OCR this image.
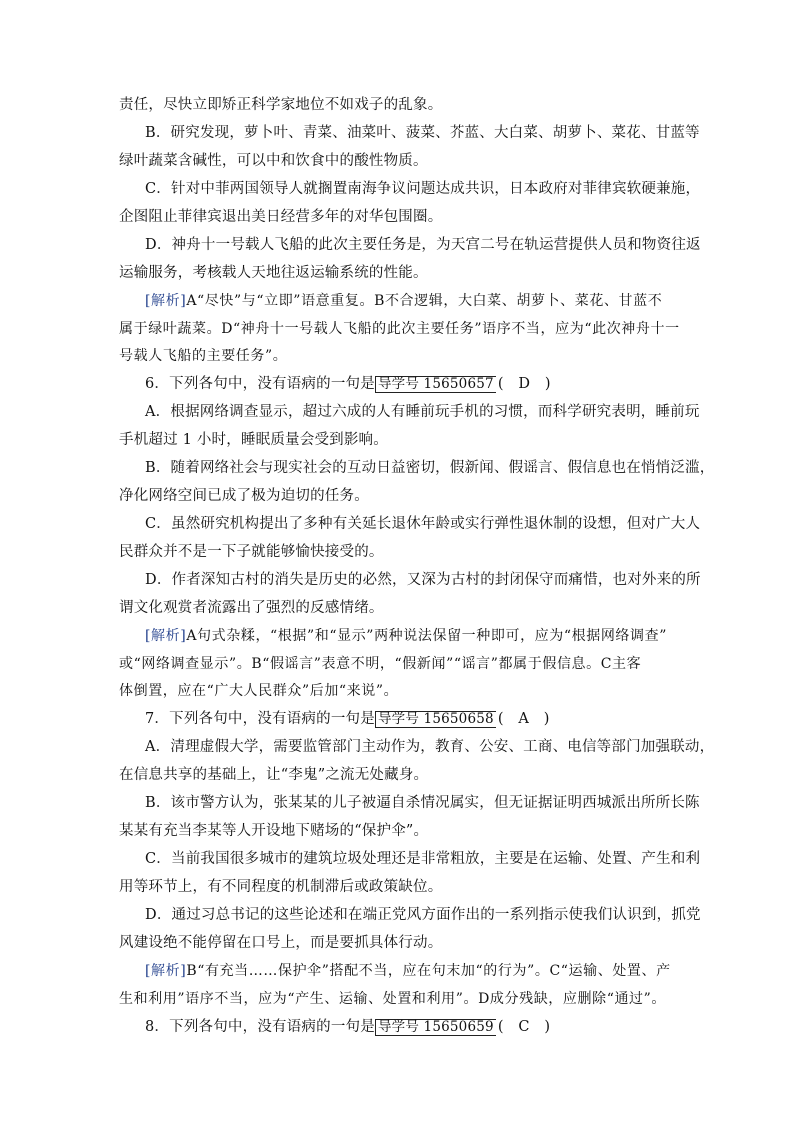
责任，尽快立即矫正科学家地位不如戏子的乱象。
B．研究发现，萝卜叶、青菜、油菜叶、菠菜、芥蓝、大白菜、胡萝卜、菜花、甘蓝等
绿叶蔬菜含碱性，可以中和饮食中的酸性物质。
C．针对中菲两国领导人就搁置南海争议问题达成共识，日本政府对菲律宾软硬兼施，
企图阻止菲律宾退出美日经营多年的对华包围圈。
D．神舟十一号载人飞船的此次主要任务是，为天宫二号在轨运营提供人员和物资往返
运输服务，考核载人天地往返运输系统的性能。
[解析]A“尽快”与“立即”语意重复。B不合逻辑，大白菜、胡萝卜、菜花、甘蓝不
属于绿叶蔬菜。D“神舟十一号载人飞船的此次主要任务”语序不当，应为“此次神舟十一
号载人飞船的主要任务”。
6．下列各句中，没有语病的一句是 导学号 15650657 (　D　)
A．根据网络调查显示，超过六成的人有睡前玩手机的习惯，而科学研究表明，睡前玩
手机超过 1 小时，睡眠质量会受到影响。
B．随着网络社会与现实社会的互动日益密切，假新闻、假谣言、假信息也在悄悄泛滥，
净化网络空间已成了极为迫切的任务。
C．虽然研究机构提出了多种有关延长退休年龄或实行弹性退休制的设想，但对广大人
民群众并不是一下子就能够愉快接受的。
D．作者深知古村的消失是历史的必然，又深为古村的封闭保守而痛惜，也对外来的所
谓文化观赏者流露出了强烈的反感情绪。
[解析]A句式杂糅，“根据”和“显示”两种说法保留一种即可，应为“根据网络调查”
或“网络调查显示”。B“假谣言”表意不明，“假新闻”“谣言”都属于假信息。C主客
体倒置，应在“广大人民群众”后加“来说”。
7．下列各句中，没有语病的一句是 导学号 15650658 (　A　)
A．清理虚假大学，需要监管部门主动作为，教育、公安、工商、电信等部门加强联动，
在信息共享的基础上，让“李鬼”之流无处藏身。
B．该市警方认为，张某某的儿子被逼自杀情况属实，但无证据证明西城派出所所长陈
某某有充当李某等人开设地下赌场的“保护伞”。
C．当前我国很多城市的建筑垃圾处理还是非常粗放，主要是在运输、处置、产生和利
用等环节上，有不同程度的机制滞后或政策缺位。
D．通过习总书记的这些论述和在端正党风方面作出的一系列指示使我们认识到，抓党
风建设绝不能停留在口号上，而是要抓具体行动。
[解析]B“有充当……保护伞”搭配不当，应在句末加“的行为”。C“运输、处置、产
生和利用”语序不当，应为“产生、运输、处置和利用”。D成分残缺，应删除“通过”。
8．下列各句中，没有语病的一句是 导学号 15650659 (　C　)
